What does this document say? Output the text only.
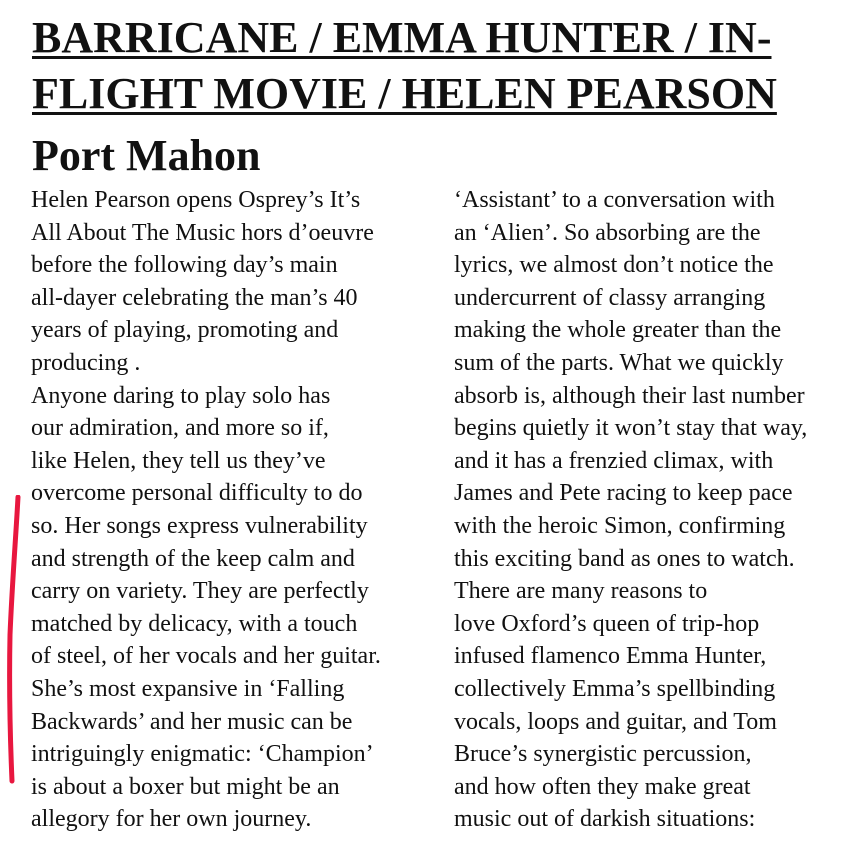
BARRICANE / EMMA HUNTER / IN-
FLIGHT MOVIE / HELEN PEARSON
Port Mahon
Helen Pearson opens Osprey’s It’s
All About The Music hors d’oeuvre
before the following day’s main
all-dayer celebrating the man’s 40
years of playing, promoting and
producing .
Anyone daring to play solo has
our admiration, and more so if,
like Helen, they tell us they’ve
overcome personal difficulty to do
so. Her songs express vulnerability
and strength of the keep calm and
carry on variety. They are perfectly
matched by delicacy, with a touch
of steel, of her vocals and her guitar.
She’s most expansive in ‘Falling
Backwards’ and her music can be
intriguingly enigmatic: ‘Champion’
is about a boxer but might be an
allegory for her own journey.
‘Assistant’ to a conversation with
an ‘Alien’. So absorbing are the
lyrics, we almost don’t notice the
undercurrent of classy arranging
making the whole greater than the
sum of the parts. What we quickly
absorb is, although their last number
begins quietly it won’t stay that way,
and it has a frenzied climax, with
James and Pete racing to keep pace
with the heroic Simon, confirming
this exciting band as ones to watch.
There are many reasons to
love Oxford’s queen of trip-hop
infused flamenco Emma Hunter,
collectively Emma’s spellbinding
vocals, loops and guitar, and Tom
Bruce’s synergistic percussion,
and how often they make great
music out of darkish situations:
